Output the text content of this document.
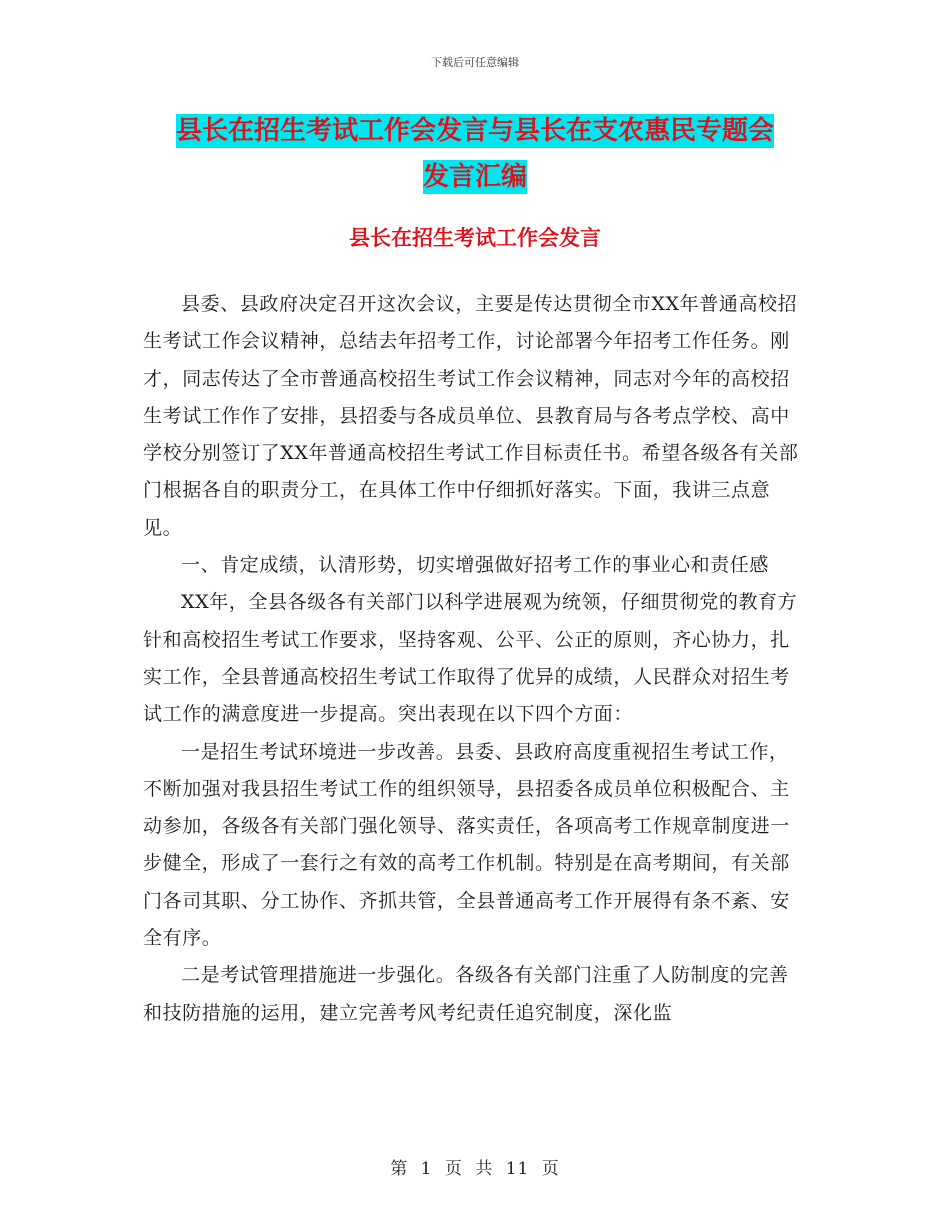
下载后可任意编辑
县长在招生考试工作会发言与县长在支农惠民专题会
发言汇编
县长在招生考试工作会发言

县委、县政府决定召开这次会议，主要是传达贯彻全市XX年普通高校招生考试工作会议精神，总结去年招考工作，讨论部署今年招考工作任务。刚才，同志传达了全市普通高校招生考试工作会议精神，同志对今年的高校招生考试工作作了安排，县招委与各成员单位、县教育局与各考点学校、高中学校分别签订了XX年普通高校招生考试工作目标责任书。希望各级各有关部门根据各自的职责分工，在具体工作中仔细抓好落实。下面，我讲三点意见。

一、肯定成绩，认清形势，切实增强做好招考工作的事业心和责任感

XX年，全县各级各有关部门以科学进展观为统领，仔细贯彻党的教育方针和高校招生考试工作要求，坚持客观、公平、公正的原则，齐心协力，扎实工作，全县普通高校招生考试工作取得了优异的成绩，人民群众对招生考试工作的满意度进一步提高。突出表现在以下四个方面：

一是招生考试环境进一步改善。县委、县政府高度重视招生考试工作，不断加强对我县招生考试工作的组织领导，县招委各成员单位积极配合、主动参加，各级各有关部门强化领导、落实责任，各项高考工作规章制度进一步健全，形成了一套行之有效的高考工作机制。特别是在高考期间，有关部门各司其职、分工协作、齐抓共管，全县普通高考工作开展得有条不紊、安全有序。

二是考试管理措施进一步强化。各级各有关部门注重了人防制度的完善和技防措施的运用，建立完善考风考纪责任追究制度，深化监

第 1 页 共 11 页
